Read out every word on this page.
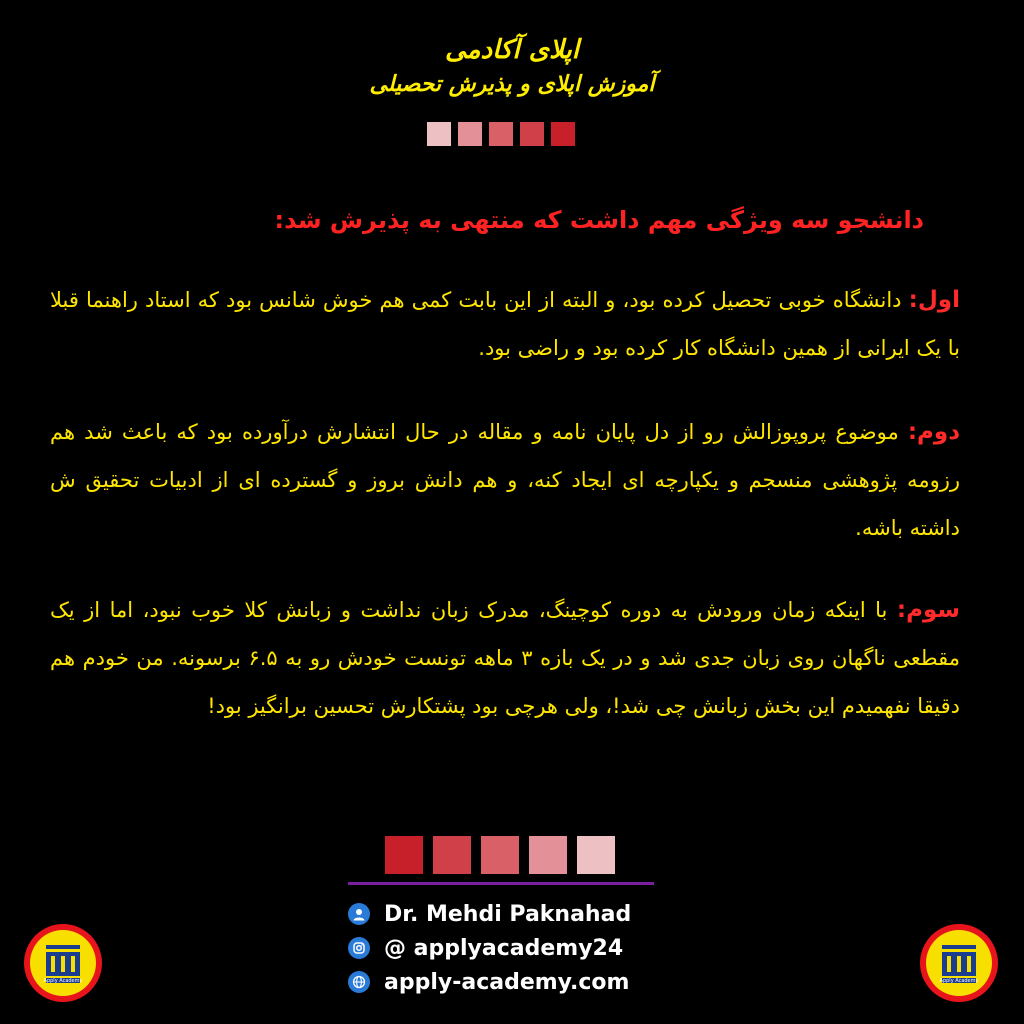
اپلای آکادمی
آموزش اپلای و پذیرش تحصیلی
دانشجو سه ویژگی مهم داشت که منتهی به پذیرش شد:
اول: دانشگاه خوبی تحصیل کرده بود، و البته از این بابت کمی هم خوش شانس بود که استاد راهنما قبلا با یک ایرانی از همین دانشگاه کار کرده بود و راضی بود.
دوم: موضوع پروپوزالش رو از دل پایان نامه و مقاله در حال انتشارش درآورده بود که باعث شد هم رزومه پژوهشی منسجم و یکپارچه ای ایجاد کنه، و هم دانش بروز و گسترده ای از ادبیات تحقیق ش داشته باشه.
سوم: با اینکه زمان ورودش به دوره کوچینگ، مدرک زبان نداشت و زبانش کلا خوب نبود، اما از یک مقطعی ناگهان روی زبان جدی شد و در یک بازه ۳ ماهه تونست خودش رو به ۶.۵ برسونه. من خودم هم دقیقا نفهمیدم این بخش زبانش چی شد!، ولی هرچی بود پشتکارش تحسین برانگیز بود!
Dr. Mehdi Paknahad
@ applyacademy24
apply-academy.com
Apply Academy	Apply Academy
